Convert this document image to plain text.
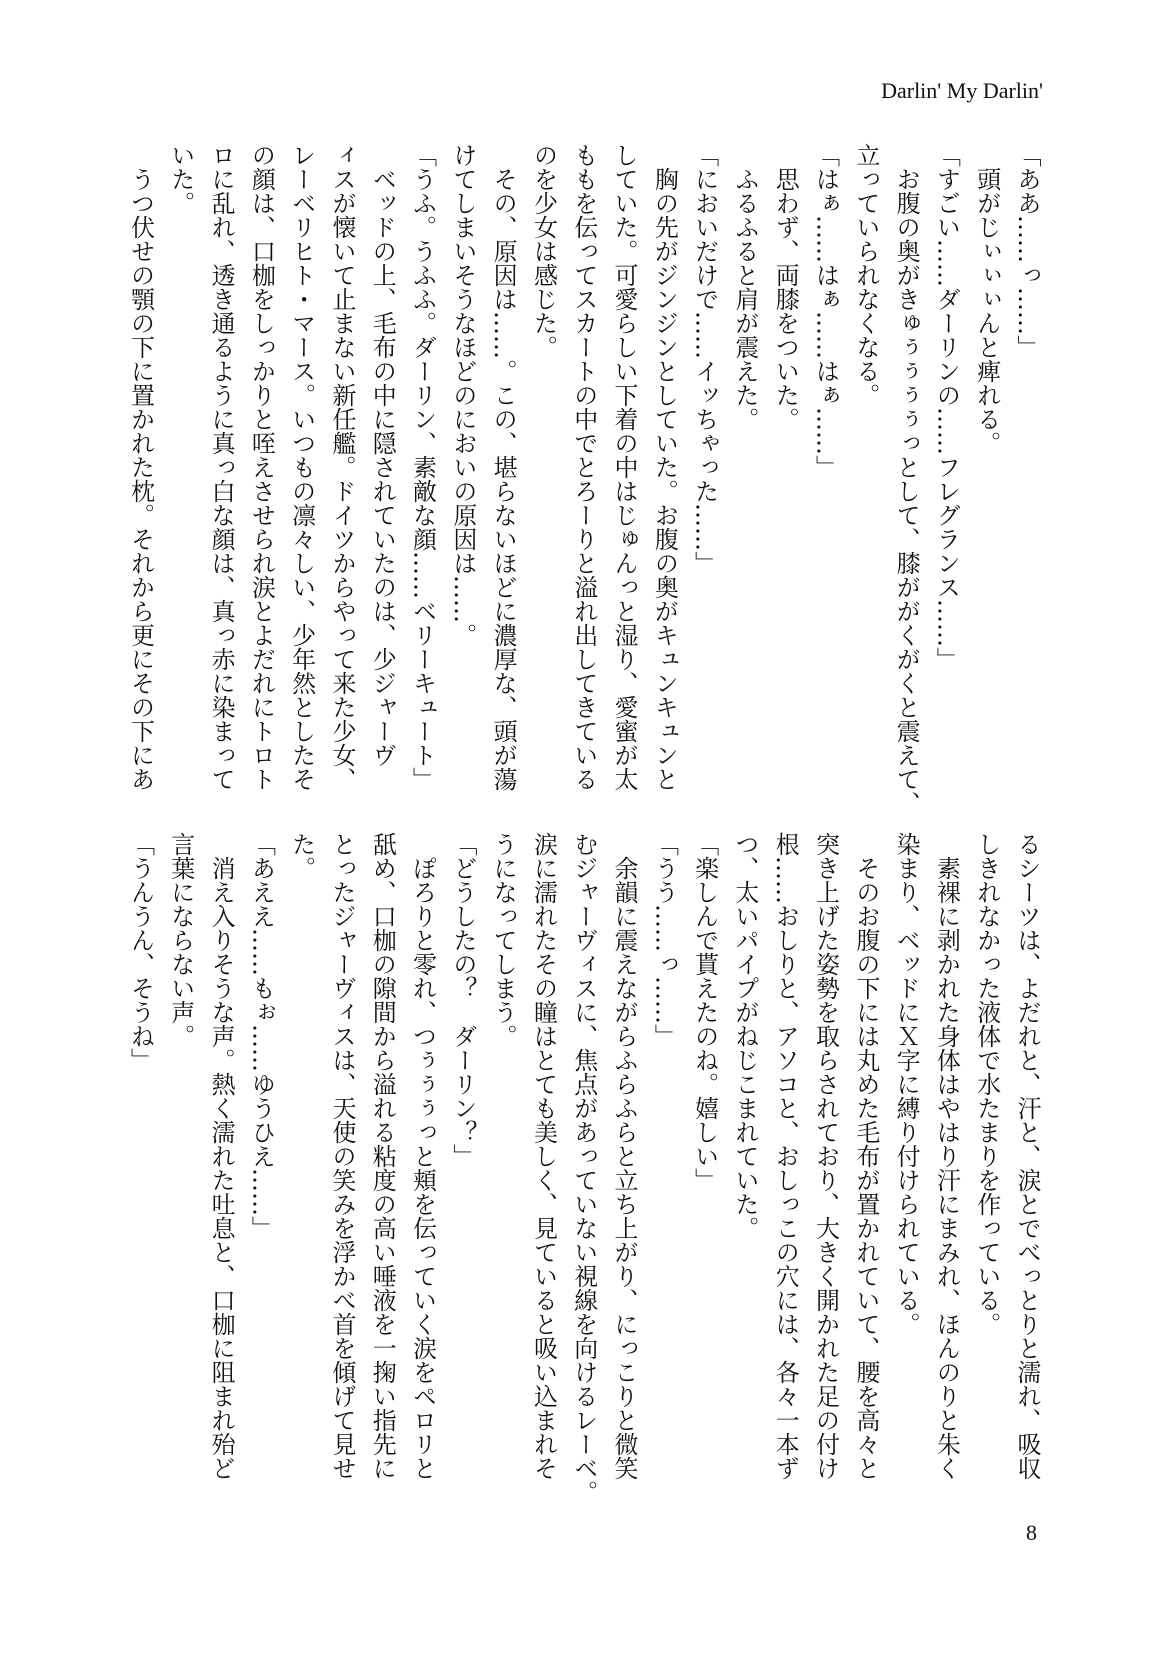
Darlin' My Darlin'
「ああ……っ……」
　頭がじぃぃぃんと痺れる。
「すごい……ダーリンの……フレグランス……」
　お腹の奥がきゅぅぅぅぅっとして、膝ががくがくと震えて、
立っていられなくなる。
「はぁ……はぁ……はぁ……」
　思わず、両膝をついた。
　ふるふると肩が震えた。
「においだけで……イッちゃった……」
　胸の先がジンジンとしていた。お腹の奥がキュンキュンと
していた。可愛らしい下着の中はじゅんっと湿り、愛蜜が太
ももを伝ってスカートの中でとろーりと溢れ出してきている
のを少女は感じた。
　その、原因は……。この、堪らないほどに濃厚な、頭が蕩
けてしまいそうなほどのにおいの原因は……。
「うふ。うふふ。ダーリン、素敵な顔……ベリーキュート」
　ベッドの上、毛布の中に隠されていたのは、少ジャーヴ
ィスが懐いて止まない新任艦。ドイツからやって来た少女、
レーベリヒト・マース。いつもの凛々しい、少年然としたそ
の顔は、口枷をしっかりと咥えさせられ涙とよだれにトロト
ロに乱れ、透き通るように真っ白な顔は、真っ赤に染まって
いた。
　うつ伏せの顎の下に置かれた枕。それから更にその下にあ
るシーツは、よだれと、汗と、涙とでべっとりと濡れ、吸収
しきれなかった液体で水たまりを作っている。
　素裸に剥かれた身体はやはり汗にまみれ、ほんのりと朱く
染まり、ベッドにＸ字に縛り付けられている。
　そのお腹の下には丸めた毛布が置かれていて、腰を高々と
突き上げた姿勢を取らされており、大きく開かれた足の付け
根……おしりと、アソコと、おしっこの穴には、各々一本ず
つ、太いパイプがねじこまれていた。
「楽しんで貰えたのね。嬉しい」
「うう……っ……」
　余韻に震えながらふらふらと立ち上がり、にっこりと微笑
むジャーヴィスに、焦点があっていない視線を向けるレーベ。
涙に濡れたその瞳はとても美しく、見ていると吸い込まれそ
うになってしまう。
「どうしたの？　ダーリン？」
　ぽろりと零れ、つぅぅぅっと頬を伝っていく涙をペロリと
舐め、口枷の隙間から溢れる粘度の高い唾液を一掬い指先に
とったジャーヴィスは、天使の笑みを浮かべ首を傾げて見せ
た。
「あええ……もぉ……ゆうひえ……」
　消え入りそうな声。熱く濡れた吐息と、口枷に阻まれ殆ど
言葉にならない声。
「うんうん、そうね」
8
